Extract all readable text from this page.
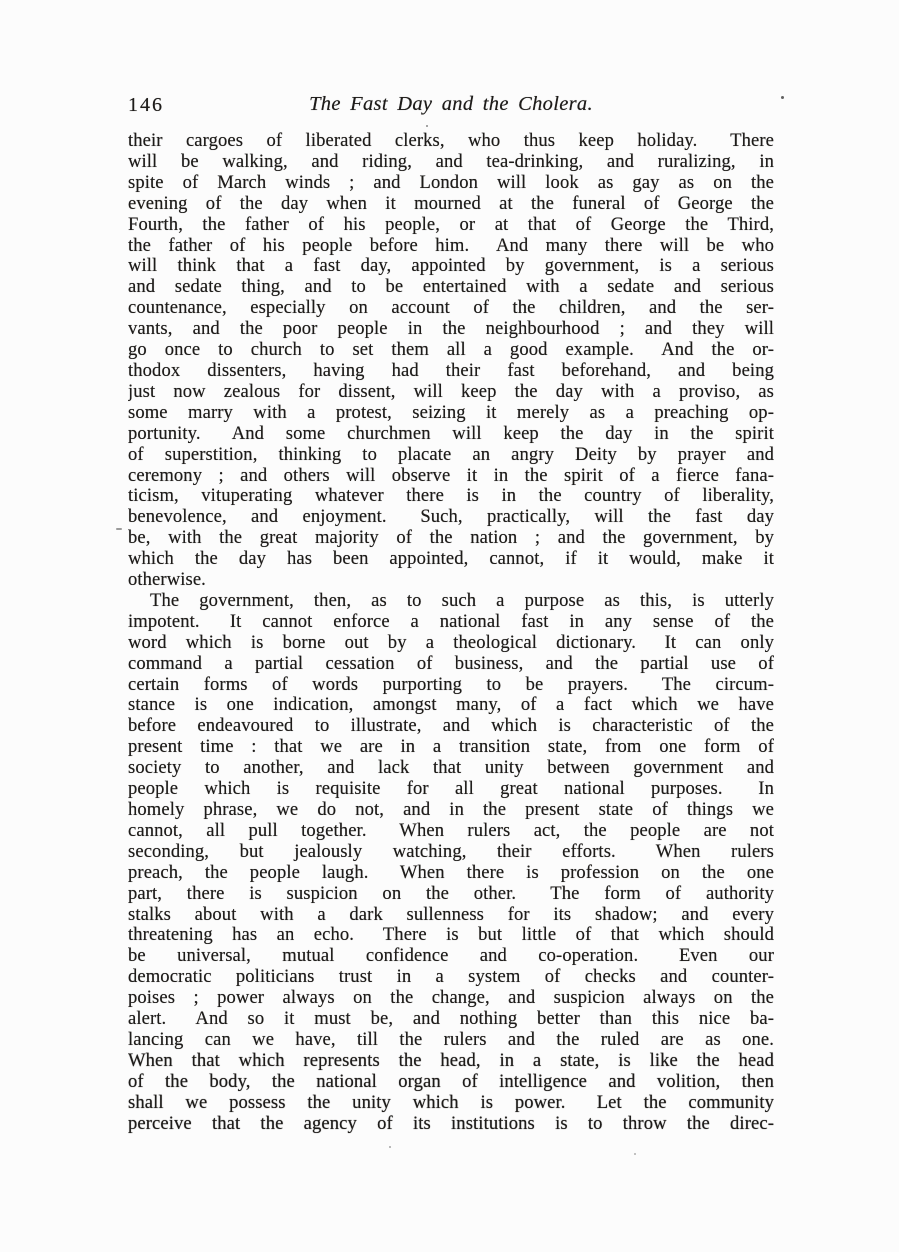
146	The Fast Day and the Cholera.
their cargoes of liberated clerks, who thus keep holiday.  There
will be walking, and riding, and tea-drinking, and ruralizing, in
spite of March winds ; and London will look as gay as on the
evening of the day when it mourned at the funeral of George the
Fourth, the father of his people, or at that of George the Third,
the father of his people before him.  And many there will be who
will think that a fast day, appointed by government, is a serious
and sedate thing, and to be entertained with a sedate and serious
countenance, especially on account of the children, and the ser-
vants, and the poor people in the neighbourhood ; and they will
go once to church to set them all a good example.  And the or-
thodox dissenters, having had their fast beforehand, and being
just now zealous for dissent, will keep the day with a proviso, as
some marry with a protest, seizing it merely as a preaching op-
portunity.  And some churchmen will keep the day in the spirit
of superstition, thinking to placate an angry Deity by prayer and
ceremony ; and others will observe it in the spirit of a fierce fana-
ticism, vituperating whatever there is in the country of liberality,
benevolence, and enjoyment.  Such, practically, will the fast day
be, with the great majority of the nation ; and the government, by
which the day has been appointed, cannot, if it would, make it
otherwise.
The government, then, as to such a purpose as this, is utterly
impotent.  It cannot enforce a national fast in any sense of the
word which is borne out by a theological dictionary.  It can only
command a partial cessation of business, and the partial use of
certain forms of words purporting to be prayers.  The circum-
stance is one indication, amongst many, of a fact which we have
before endeavoured to illustrate, and which is characteristic of the
present time : that we are in a transition state, from one form of
society to another, and lack that unity between government and
people which is requisite for all great national purposes.  In
homely phrase, we do not, and in the present state of things we
cannot, all pull together.  When rulers act, the people are not
seconding, but jealously watching, their efforts.  When rulers
preach, the people laugh.  When there is profession on the one
part, there is suspicion on the other.  The form of authority
stalks about with a dark sullenness for its shadow; and every
threatening has an echo.  There is but little of that which should
be universal, mutual confidence and co-operation.  Even our
democratic politicians trust in a system of checks and counter-
poises ; power always on the change, and suspicion always on the
alert.  And so it must be, and nothing better than this nice ba-
lancing can we have, till the rulers and the ruled are as one.
When that which represents the head, in a state, is like the head
of the body, the national organ of intelligence and volition, then
shall we possess the unity which is power.  Let the community
perceive that the agency of its institutions is to throw the direc-
